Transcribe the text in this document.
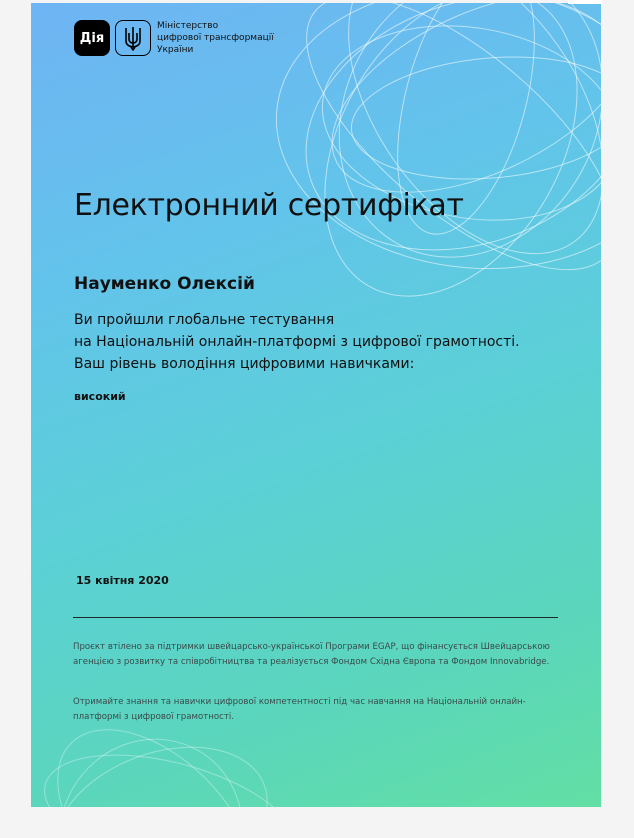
Дія
Міністерство
цифрової трансформації
України
Електронний сертифікат
Науменко Олексій
Ви пройшли глобальне тестування
на Національній онлайн-платформі з цифрової грамотності.
Ваш рівень володіння цифровими навичками:
високий
15 квітня 2020
Проєкт втілено за підтримки швейцарсько-української Програми EGAP, що фінансується Швейцарською агенцією з розвитку та співробітництва та реалізується Фондом Східна Європа та Фондом Innovabridge.
Отримайте знання та навички цифрової компетентності під час навчання на Національній онлайн-платформі з цифрової грамотності.
